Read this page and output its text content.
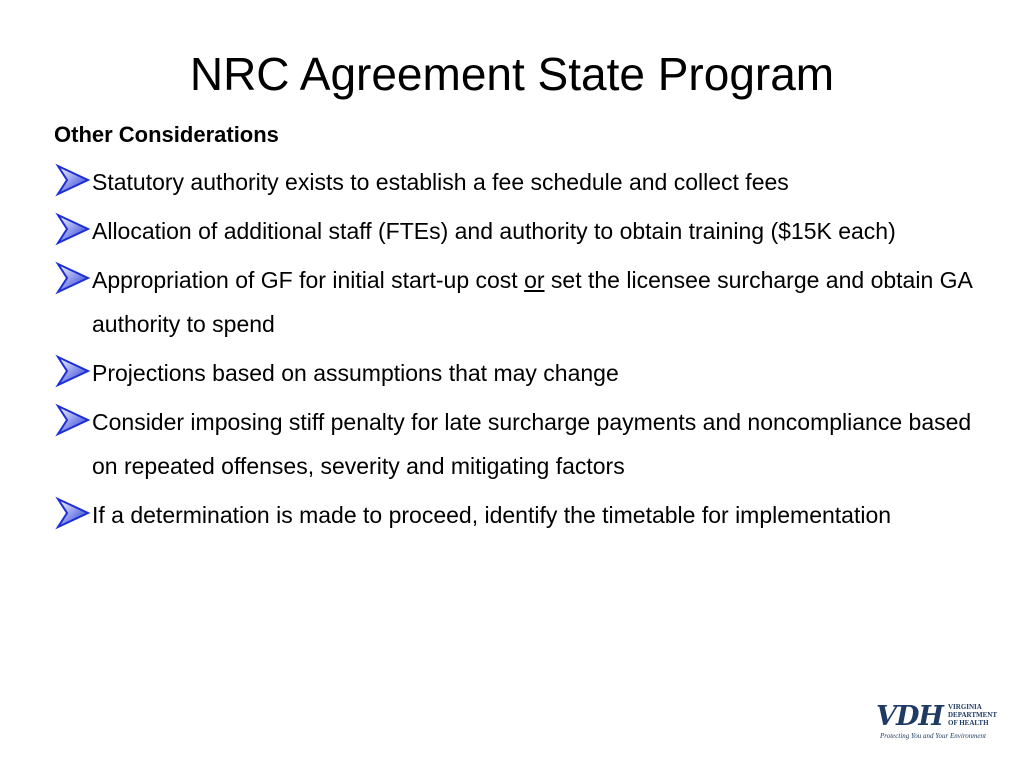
NRC Agreement State Program
Other Considerations
Statutory authority exists to establish a fee schedule and collect fees
Allocation of additional staff (FTEs) and authority to obtain training ($15K each)
Appropriation of GF for initial start-up cost or set the licensee surcharge and obtain GA authority to spend
Projections based on assumptions that may change
Consider imposing stiff penalty for late surcharge payments and noncompliance based on repeated offenses, severity and mitigating factors
If a determination is made to proceed, identify the timetable for implementation
VDH VIRGINIA
DEPARTMENT
OF HEALTH
Protecting You and Your Environment
